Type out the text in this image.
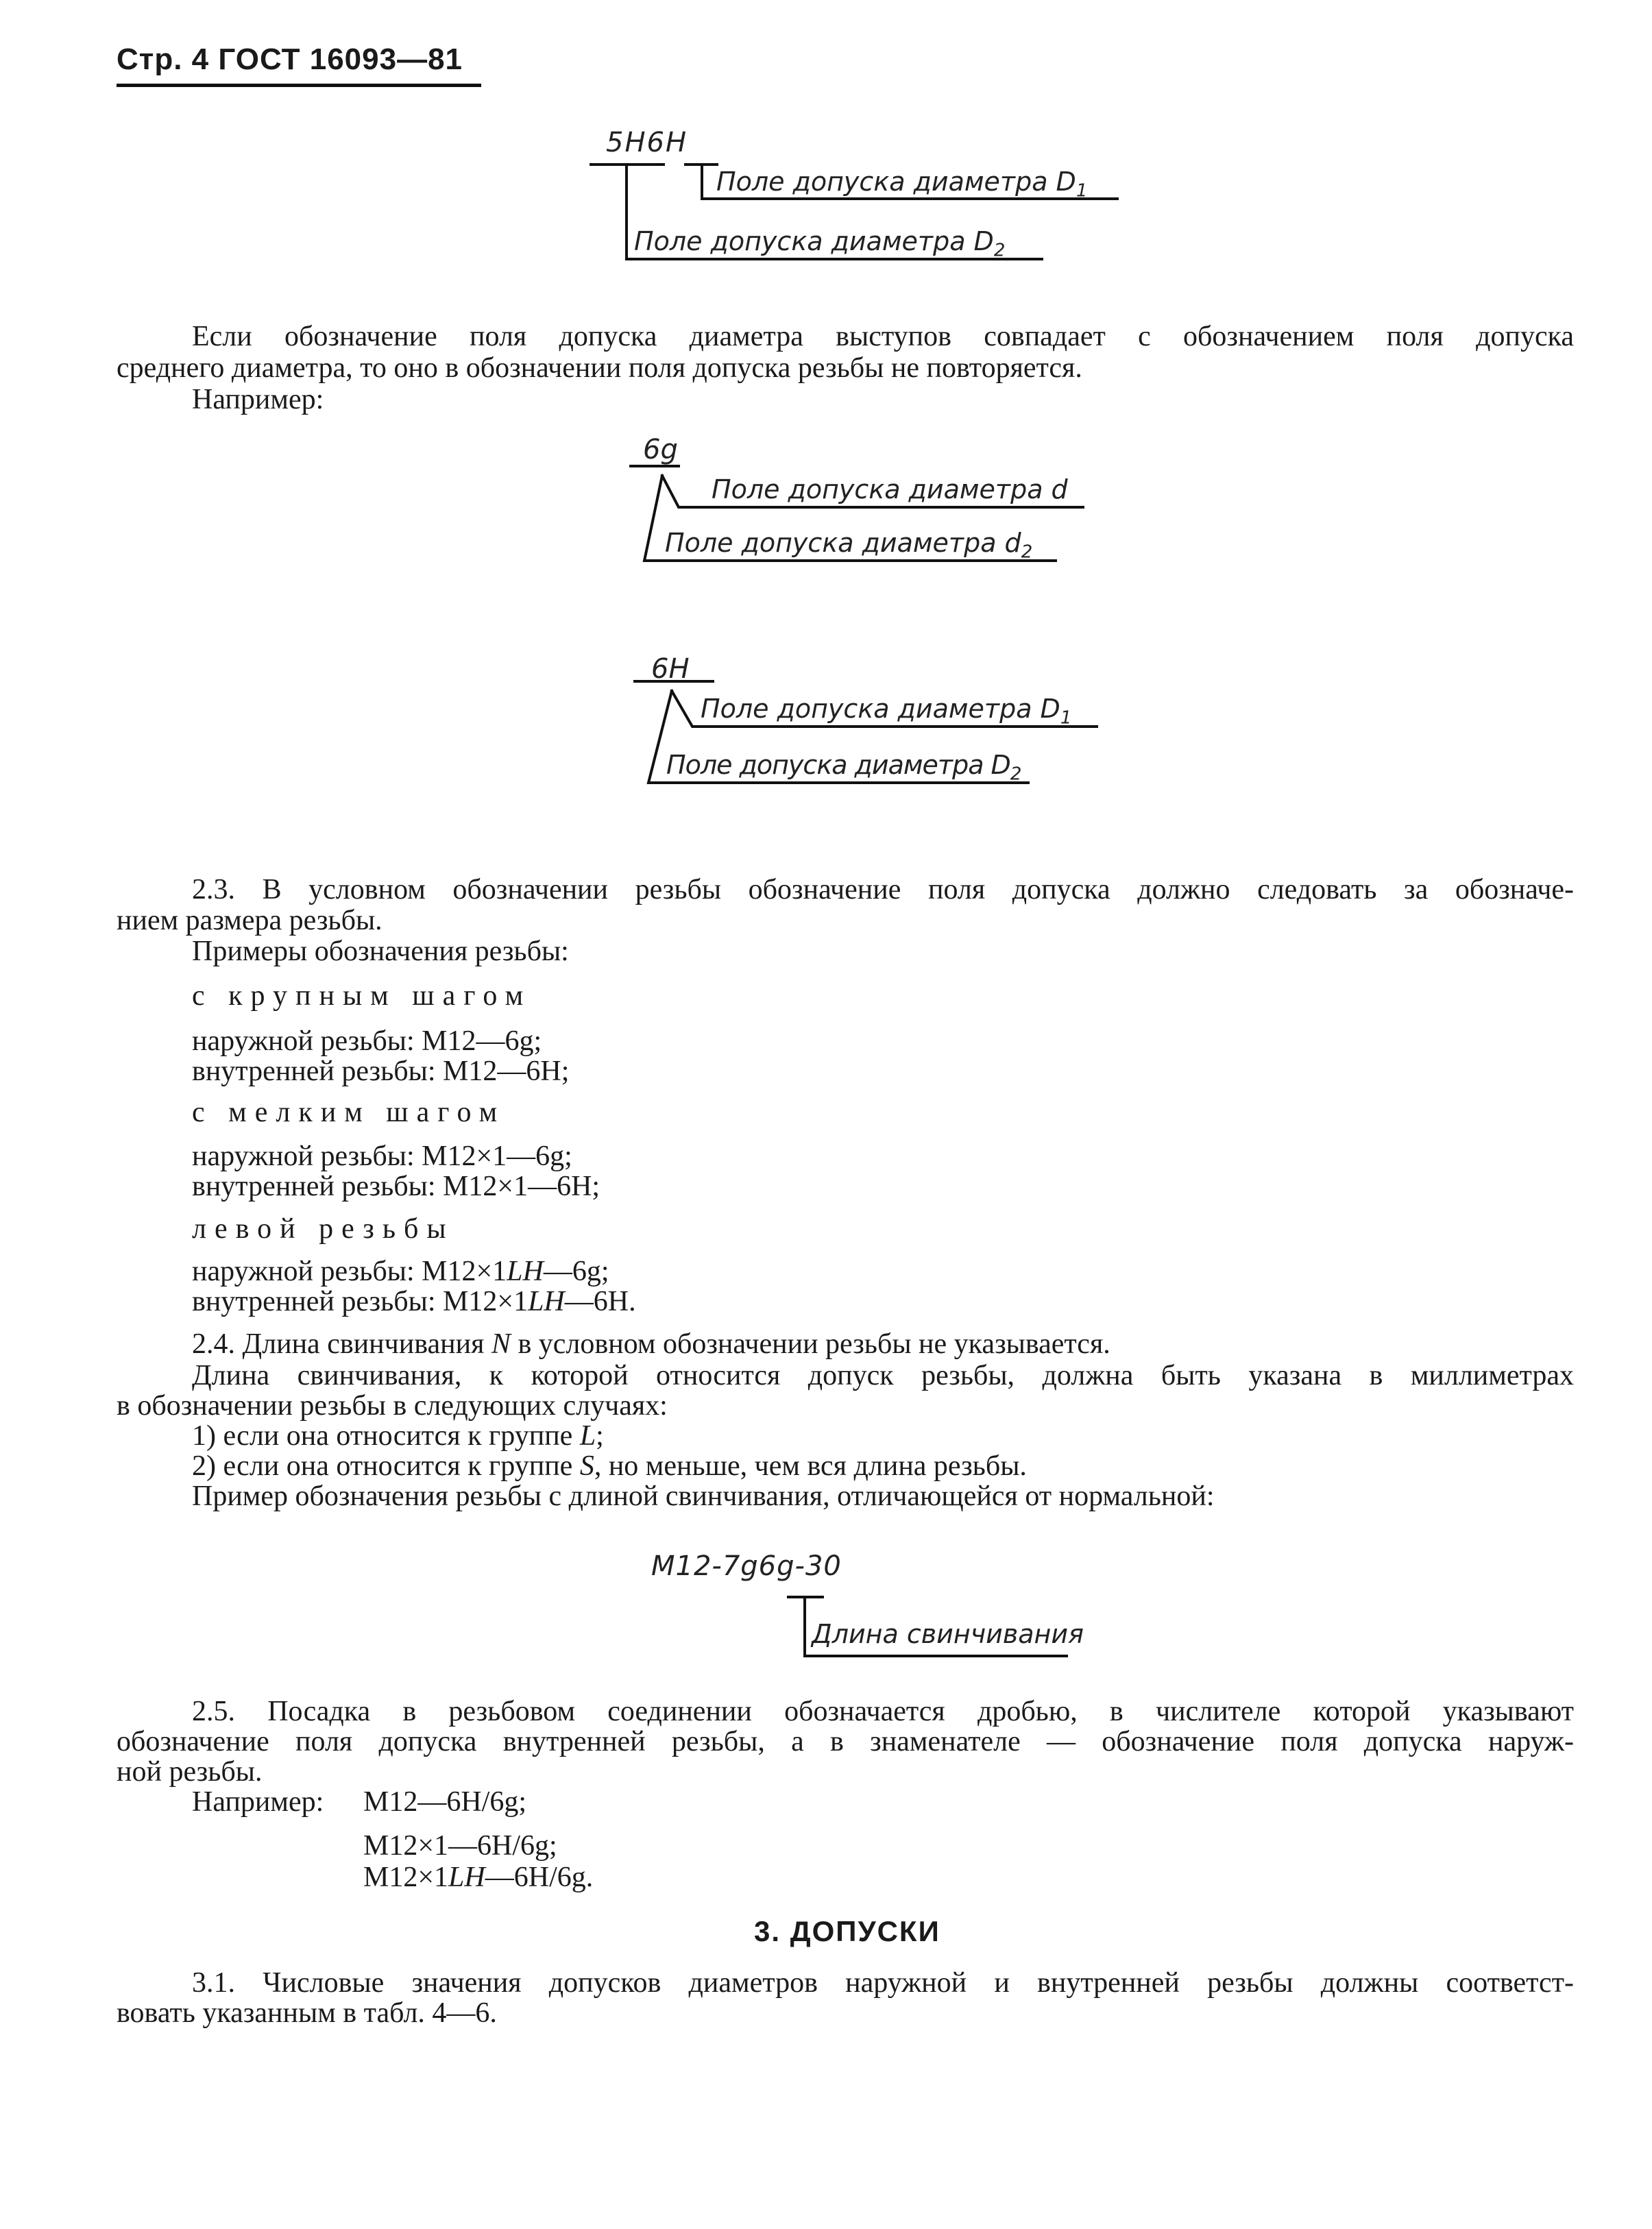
Стр. 4 ГОСТ 16093—81
5H6H
Поле допуска диаметра $D_1$
Поле допуска диаметра $D_2$
Если обозначение поля допуска диаметра выступов совпадает с обозначением поля допуска
среднего диаметра, то оно в обозначении поля допуска резьбы не повторяется.
Например:
6g
Поле допуска диаметра d
Поле допуска диаметра $d_2$
6H
Поле допуска диаметра $D_1$
Поле допуска диаметра $D_2$
2.3. В условном обозначении резьбы обозначение поля допуска должно следовать за обозначе-
нием размера резьбы.
Примеры обозначения резьбы:
с крупным шагом
наружной резьбы: M12—6g;
внутренней резьбы: M12—6H;
с мелким шагом
наружной резьбы: M12×1—6g;
внутренней резьбы: M12×1—6H;
левой резьбы
наружной резьбы: M12×1LH—6g;
внутренней резьбы: M12×1LH—6H.
2.4. Длина свинчивания N в условном обозначении резьбы не указывается.
Длина свинчивания, к которой относится допуск резьбы, должна быть указана в миллиметрах
в обозначении резьбы в следующих случаях:
1) если она относится к группе L;
2) если она относится к группе S, но меньше, чем вся длина резьбы.
Пример обозначения резьбы с длиной свинчивания, отличающейся от нормальной:
M12-7g6g-30
Длина свинчивания
2.5. Посадка в резьбовом соединении обозначается дробью, в числителе которой указывают
обозначение поля допуска внутренней резьбы, а в знаменателе — обозначение поля допуска наруж-
ной резьбы.
Например: M12—6H/6g;
M12×1—6H/6g;
M12×1LH—6H/6g.
3. ДОПУСКИ
3.1. Числовые значения допусков диаметров наружной и внутренней резьбы должны соответст-
вовать указанным в табл. 4—6.
